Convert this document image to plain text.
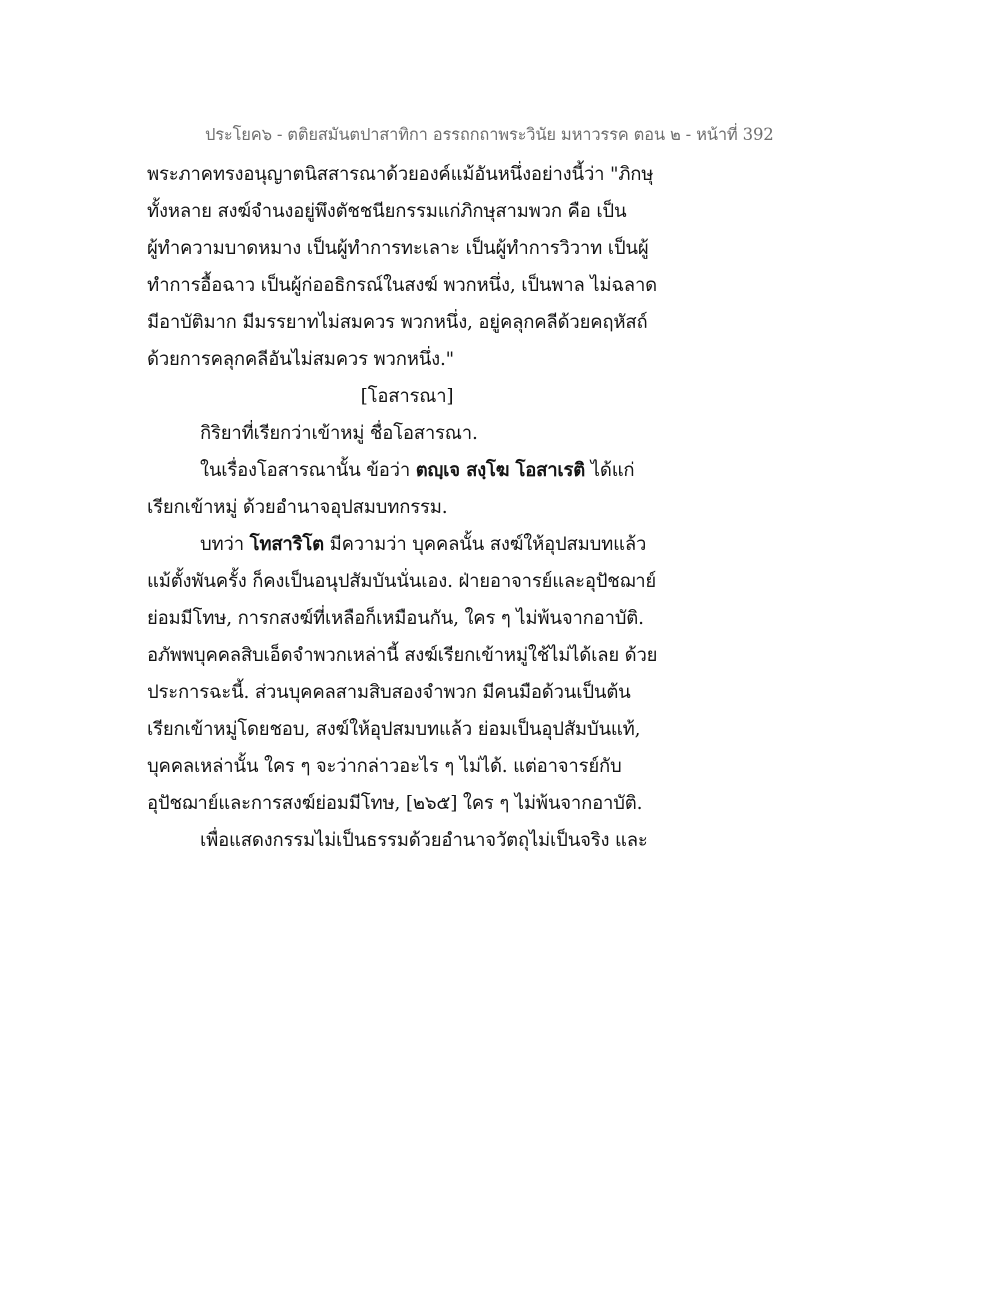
ประโยค๖ - ตติยสมันตปาสาทิกา อรรถกถาพระวินัย มหาวรรค ตอน ๒ - หน้าที่ 392
พระภาคทรงอนุญาตนิสสารณาด้วยองค์แม้อันหนึ่งอย่างนี้ว่า "ภิกษุ
ทั้งหลาย สงฆ์จำนงอยู่พึงตัชชนียกรรมแก่ภิกษุสามพวก คือ เป็น
ผู้ทำความบาดหมาง เป็นผู้ทำการทะเลาะ เป็นผู้ทำการวิวาท เป็นผู้
ทำการอื้อฉาว เป็นผู้ก่ออธิกรณ์ในสงฆ์ พวกหนึ่ง, เป็นพาล ไม่ฉลาด
มีอาบัติมาก มีมรรยาทไม่สมควร พวกหนึ่ง, อยู่คลุกคลีด้วยคฤหัสถ์
ด้วยการคลุกคลีอันไม่สมควร พวกหนึ่ง."
[โอสารณา]
กิริยาที่เรียกว่าเข้าหมู่ ชื่อโอสารณา.
ในเรื่องโอสารณานั้น ข้อว่า ตญฺเจ สงฺโฆ โอสาเรติ ได้แก่
เรียกเข้าหมู่ ด้วยอำนาจอุปสมบทกรรม.
บทว่า โทสาริโต มีความว่า บุคคลนั้น สงฆ์ให้อุปสมบทแล้ว
แม้ตั้งพันครั้ง ก็คงเป็นอนุปสัมบันนั่นเอง. ฝ่ายอาจารย์และอุปัชฌาย์
ย่อมมีโทษ, การกสงฆ์ที่เหลือก็เหมือนกัน, ใคร ๆ ไม่พ้นจากอาบัติ.
อภัพพบุคคลสิบเอ็ดจำพวกเหล่านี้ สงฆ์เรียกเข้าหมู่ใช้ไม่ได้เลย ด้วย
ประการฉะนี้. ส่วนบุคคลสามสิบสองจำพวก มีคนมือด้วนเป็นต้น
เรียกเข้าหมู่โดยชอบ, สงฆ์ให้อุปสมบทแล้ว ย่อมเป็นอุปสัมบันแท้,
บุคคลเหล่านั้น ใคร ๆ จะว่ากล่าวอะไร ๆ ไม่ได้. แต่อาจารย์กับ
อุปัชฌาย์และการสงฆ์ย่อมมีโทษ, [๒๖๕] ใคร ๆ ไม่พ้นจากอาบัติ.
เพื่อแสดงกรรมไม่เป็นธรรมด้วยอำนาจวัตถุไม่เป็นจริง และ
